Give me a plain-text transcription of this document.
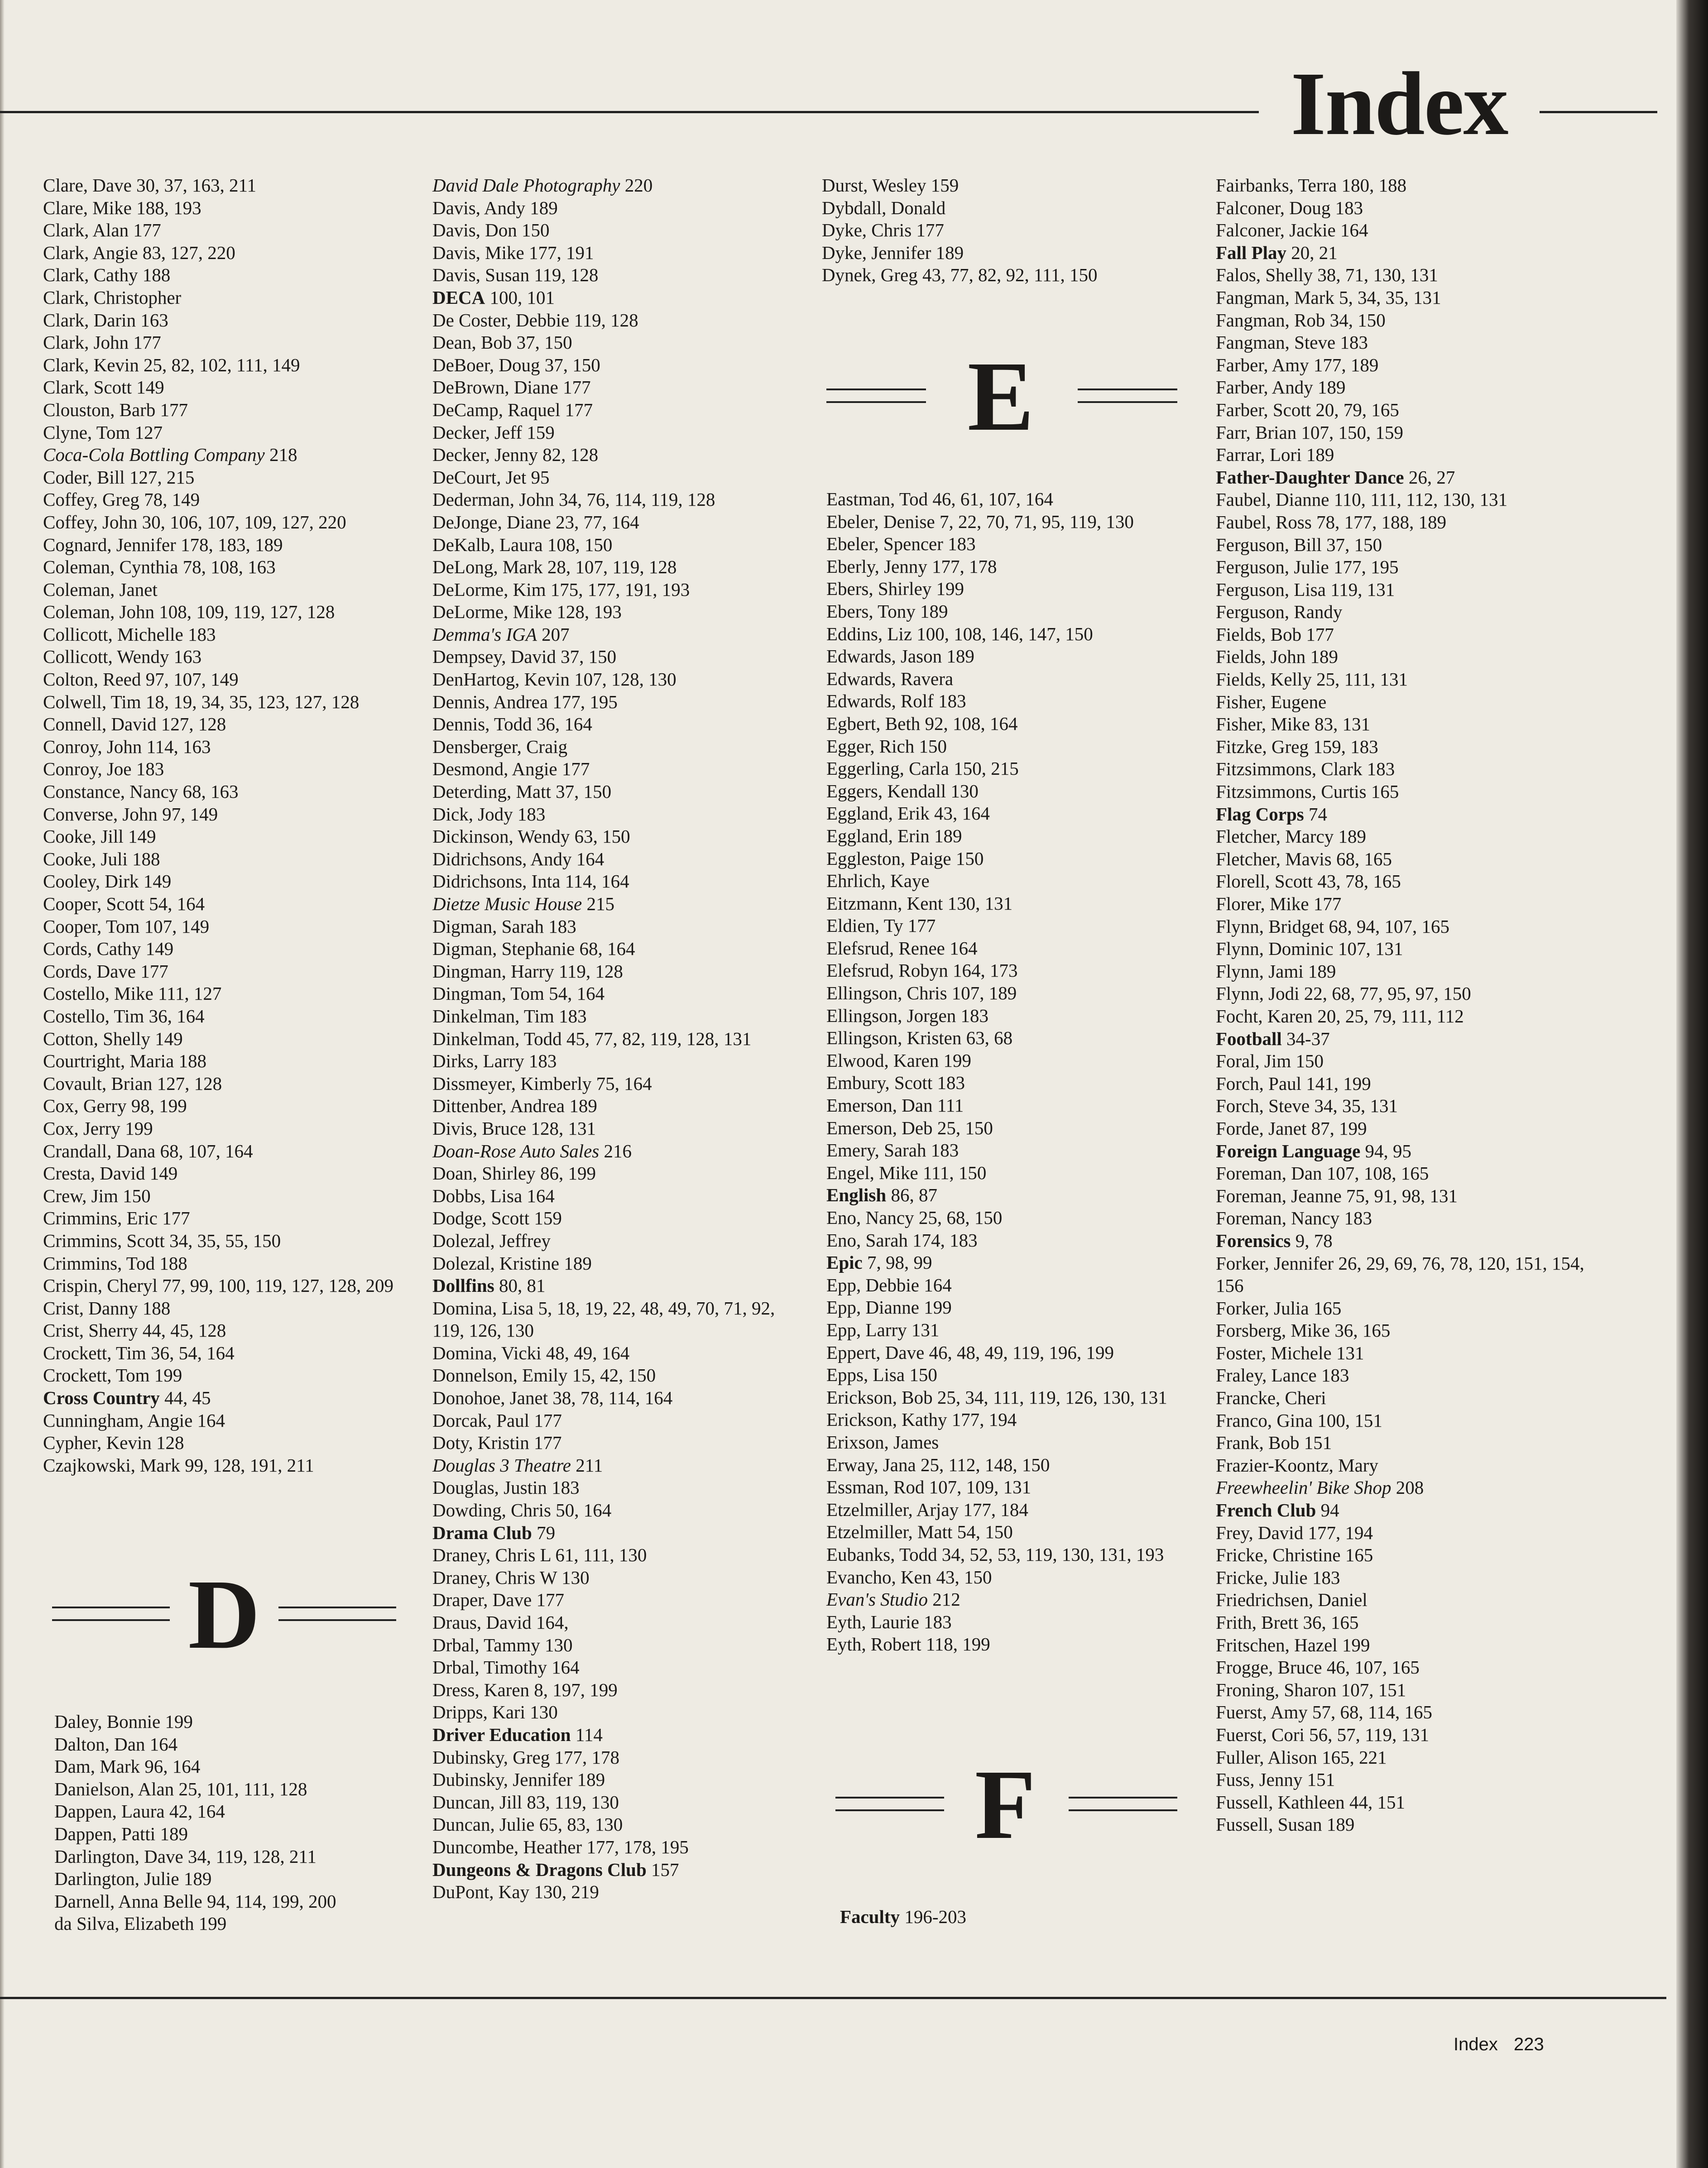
Index
Clare, Dave 30, 37, 163, 211
Clare, Mike 188, 193
Clark, Alan 177
Clark, Angie 83, 127, 220
Clark, Cathy 188
Clark, Christopher
Clark, Darin 163
Clark, John 177
Clark, Kevin 25, 82, 102, 111, 149
Clark, Scott 149
Clouston, Barb 177
Clyne, Tom 127
Coca-Cola Bottling Company 218
Coder, Bill 127, 215
Coffey, Greg 78, 149
Coffey, John 30, 106, 107, 109, 127, 220
Cognard, Jennifer 178, 183, 189
Coleman, Cynthia 78, 108, 163
Coleman, Janet
Coleman, John 108, 109, 119, 127, 128
Collicott, Michelle 183
Collicott, Wendy 163
Colton, Reed 97, 107, 149
Colwell, Tim 18, 19, 34, 35, 123, 127, 128
Connell, David 127, 128
Conroy, John 114, 163
Conroy, Joe 183
Constance, Nancy 68, 163
Converse, John 97, 149
Cooke, Jill 149
Cooke, Juli 188
Cooley, Dirk 149
Cooper, Scott 54, 164
Cooper, Tom 107, 149
Cords, Cathy 149
Cords, Dave 177
Costello, Mike 111, 127
Costello, Tim 36, 164
Cotton, Shelly 149
Courtright, Maria 188
Covault, Brian 127, 128
Cox, Gerry 98, 199
Cox, Jerry 199
Crandall, Dana 68, 107, 164
Cresta, David 149
Crew, Jim 150
Crimmins, Eric 177
Crimmins, Scott 34, 35, 55, 150
Crimmins, Tod 188
Crispin, Cheryl 77, 99, 100, 119, 127, 128, 209
Crist, Danny 188
Crist, Sherry 44, 45, 128
Crockett, Tim 36, 54, 164
Crockett, Tom 199
Cross Country 44, 45
Cunningham, Angie 164
Cypher, Kevin 128
Czajkowski, Mark 99, 128, 191, 211
D
Daley, Bonnie 199
Dalton, Dan 164
Dam, Mark 96, 164
Danielson, Alan 25, 101, 111, 128
Dappen, Laura 42, 164
Dappen, Patti 189
Darlington, Dave 34, 119, 128, 211
Darlington, Julie 189
Darnell, Anna Belle 94, 114, 199, 200
da Silva, Elizabeth 199
David Dale Photography 220
Davis, Andy 189
Davis, Don 150
Davis, Mike 177, 191
Davis, Susan 119, 128
DECA 100, 101
De Coster, Debbie 119, 128
Dean, Bob 37, 150
DeBoer, Doug 37, 150
DeBrown, Diane 177
DeCamp, Raquel 177
Decker, Jeff 159
Decker, Jenny 82, 128
DeCourt, Jet 95
Dederman, John 34, 76, 114, 119, 128
DeJonge, Diane 23, 77, 164
DeKalb, Laura 108, 150
DeLong, Mark 28, 107, 119, 128
DeLorme, Kim 175, 177, 191, 193
DeLorme, Mike 128, 193
Demma's IGA 207
Dempsey, David 37, 150
DenHartog, Kevin 107, 128, 130
Dennis, Andrea 177, 195
Dennis, Todd 36, 164
Densberger, Craig
Desmond, Angie 177
Deterding, Matt 37, 150
Dick, Jody 183
Dickinson, Wendy 63, 150
Didrichsons, Andy 164
Didrichsons, Inta 114, 164
Dietze Music House 215
Digman, Sarah 183
Digman, Stephanie 68, 164
Dingman, Harry 119, 128
Dingman, Tom 54, 164
Dinkelman, Tim 183
Dinkelman, Todd 45, 77, 82, 119, 128, 131
Dirks, Larry 183
Dissmeyer, Kimberly 75, 164
Dittenber, Andrea 189
Divis, Bruce 128, 131
Doan-Rose Auto Sales 216
Doan, Shirley 86, 199
Dobbs, Lisa 164
Dodge, Scott 159
Dolezal, Jeffrey
Dolezal, Kristine 189
Dollfins 80, 81
Domina, Lisa 5, 18, 19, 22, 48, 49, 70, 71, 92, 119, 126, 130
Domina, Vicki 48, 49, 164
Donnelson, Emily 15, 42, 150
Donohoe, Janet 38, 78, 114, 164
Dorcak, Paul 177
Doty, Kristin 177
Douglas 3 Theatre 211
Douglas, Justin 183
Dowding, Chris 50, 164
Drama Club 79
Draney, Chris L 61, 111, 130
Draney, Chris W 130
Draper, Dave 177
Draus, David 164,
Drbal, Tammy 130
Drbal, Timothy 164
Dress, Karen 8, 197, 199
Dripps, Kari 130
Driver Education 114
Dubinsky, Greg 177, 178
Dubinsky, Jennifer 189
Duncan, Jill 83, 119, 130
Duncan, Julie 65, 83, 130
Duncombe, Heather 177, 178, 195
Dungeons & Dragons Club 157
DuPont, Kay 130, 219
Durst, Wesley 159
Dybdall, Donald
Dyke, Chris 177
Dyke, Jennifer 189
Dynek, Greg 43, 77, 82, 92, 111, 150
E
Eastman, Tod 46, 61, 107, 164
Ebeler, Denise 7, 22, 70, 71, 95, 119, 130
Ebeler, Spencer 183
Eberly, Jenny 177, 178
Ebers, Shirley 199
Ebers, Tony 189
Eddins, Liz 100, 108, 146, 147, 150
Edwards, Jason 189
Edwards, Ravera
Edwards, Rolf 183
Egbert, Beth 92, 108, 164
Egger, Rich 150
Eggerling, Carla 150, 215
Eggers, Kendall 130
Eggland, Erik 43, 164
Eggland, Erin 189
Eggleston, Paige 150
Ehrlich, Kaye
Eitzmann, Kent 130, 131
Eldien, Ty 177
Elefsrud, Renee 164
Elefsrud, Robyn 164, 173
Ellingson, Chris 107, 189
Ellingson, Jorgen 183
Ellingson, Kristen 63, 68
Elwood, Karen 199
Embury, Scott 183
Emerson, Dan 111
Emerson, Deb 25, 150
Emery, Sarah 183
Engel, Mike 111, 150
English 86, 87
Eno, Nancy 25, 68, 150
Eno, Sarah 174, 183
Epic 7, 98, 99
Epp, Debbie 164
Epp, Dianne 199
Epp, Larry 131
Eppert, Dave 46, 48, 49, 119, 196, 199
Epps, Lisa 150
Erickson, Bob 25, 34, 111, 119, 126, 130, 131
Erickson, Kathy 177, 194
Erixson, James
Erway, Jana 25, 112, 148, 150
Essman, Rod 107, 109, 131
Etzelmiller, Arjay 177, 184
Etzelmiller, Matt 54, 150
Eubanks, Todd 34, 52, 53, 119, 130, 131, 193
Evancho, Ken 43, 150
Evan's Studio 212
Eyth, Laurie 183
Eyth, Robert 118, 199
F
Faculty 196-203
Fairbanks, Terra 180, 188
Falconer, Doug 183
Falconer, Jackie 164
Fall Play 20, 21
Falos, Shelly 38, 71, 130, 131
Fangman, Mark 5, 34, 35, 131
Fangman, Rob 34, 150
Fangman, Steve 183
Farber, Amy 177, 189
Farber, Andy 189
Farber, Scott 20, 79, 165
Farr, Brian 107, 150, 159
Farrar, Lori 189
Father-Daughter Dance 26, 27
Faubel, Dianne 110, 111, 112, 130, 131
Faubel, Ross 78, 177, 188, 189
Ferguson, Bill 37, 150
Ferguson, Julie 177, 195
Ferguson, Lisa 119, 131
Ferguson, Randy
Fields, Bob 177
Fields, John 189
Fields, Kelly 25, 111, 131
Fisher, Eugene
Fisher, Mike 83, 131
Fitzke, Greg 159, 183
Fitzsimmons, Clark 183
Fitzsimmons, Curtis 165
Flag Corps 74
Fletcher, Marcy 189
Fletcher, Mavis 68, 165
Florell, Scott 43, 78, 165
Florer, Mike 177
Flynn, Bridget 68, 94, 107, 165
Flynn, Dominic 107, 131
Flynn, Jami 189
Flynn, Jodi 22, 68, 77, 95, 97, 150
Focht, Karen 20, 25, 79, 111, 112
Football 34-37
Foral, Jim 150
Forch, Paul 141, 199
Forch, Steve 34, 35, 131
Forde, Janet 87, 199
Foreign Language 94, 95
Foreman, Dan 107, 108, 165
Foreman, Jeanne 75, 91, 98, 131
Foreman, Nancy 183
Forensics 9, 78
Forker, Jennifer 26, 29, 69, 76, 78, 120, 151, 154, 156
Forker, Julia 165
Forsberg, Mike 36, 165
Foster, Michele 131
Fraley, Lance 183
Francke, Cheri
Franco, Gina 100, 151
Frank, Bob 151
Frazier-Koontz, Mary
Freewheelin' Bike Shop 208
French Club 94
Frey, David 177, 194
Fricke, Christine 165
Fricke, Julie 183
Friedrichsen, Daniel
Frith, Brett 36, 165
Fritschen, Hazel 199
Frogge, Bruce 46, 107, 165
Froning, Sharon 107, 151
Fuerst, Amy 57, 68, 114, 165
Fuerst, Cori 56, 57, 119, 131
Fuller, Alison 165, 221
Fuss, Jenny 151
Fussell, Kathleen 44, 151
Fussell, Susan 189
Index 223
